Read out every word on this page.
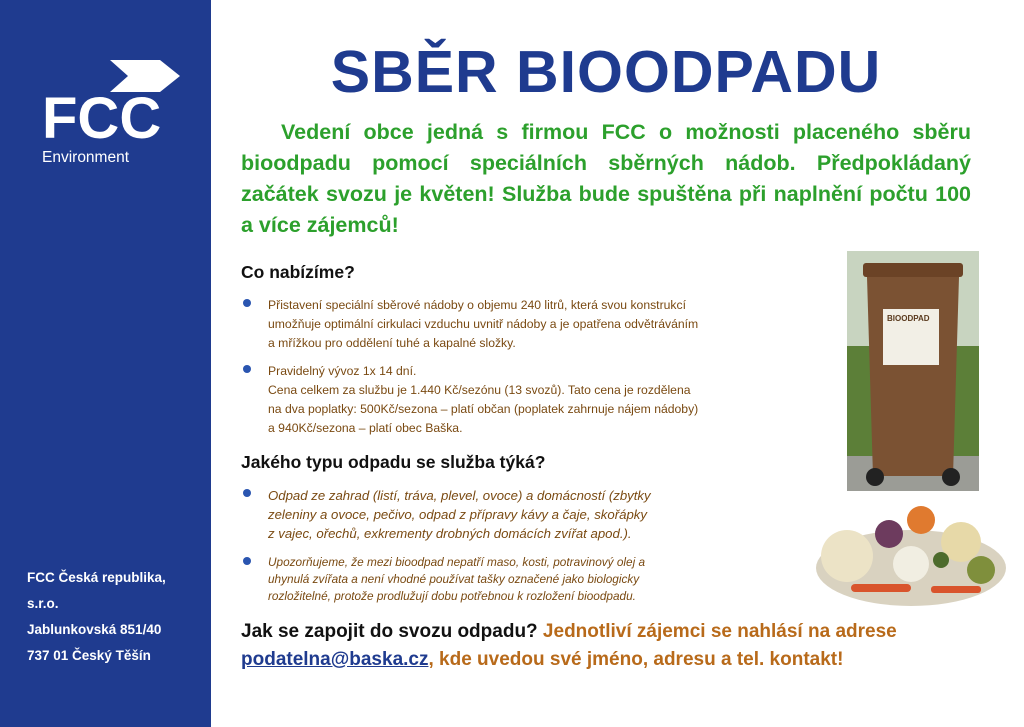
FCC
Environment
FCC Česká republika,
s.r.o.
Jablunkovská 851/40
737 01 Český Těšín
SBĚR BIOODPADU

Vedení obce jedná s firmou FCC o možnosti placeného sběru bioodpadu pomocí speciálních sběrných nádob. Předpokládaný začátek svozu je květen! Služba bude spuštěna při naplnění počtu 100 a více zájemců!

Co nabízíme?
Přistavení speciální sběrové nádoby o objemu 240 litrů, která svou konstrukcí
umožňuje optimální cirkulaci vzduchu uvnitř nádoby a je opatřena odvětráváním
a mřížkou pro oddělení tuhé a kapalné složky.
Pravidelný vývoz 1x 14 dní.
Cena celkem za službu je 1.440 Kč/sezónu (13 svozů). Tato cena je rozdělena
na dva poplatky: 500Kč/sezona – platí občan (poplatek zahrnuje nájem nádoby)
a 940Kč/sezona – platí obec Baška.
Jakého typu odpadu se služba týká?
Odpad ze zahrad (listí, tráva, plevel, ovoce) a domácností (zbytky
zeleniny a ovoce, pečivo, odpad z přípravy kávy a čaje, skořápky
z vajec, ořechů, exkrementy drobných domácích zvířat apod.).
Upozorňujeme, že mezi bioodpad nepatří maso, kosti, potravinový olej a
uhynulá zvířata a není vhodné používat tašky označené jako biologicky
rozložitelné, protože prodlužují dobu potřebnou k rozložení bioodpadu.
BIOODPAD
Jak se zapojit do svozu odpadu? Jednotliví zájemci se nahlásí na adrese
podatelna@baska.cz, kde uvedou své jméno, adresu a tel. kontakt!
